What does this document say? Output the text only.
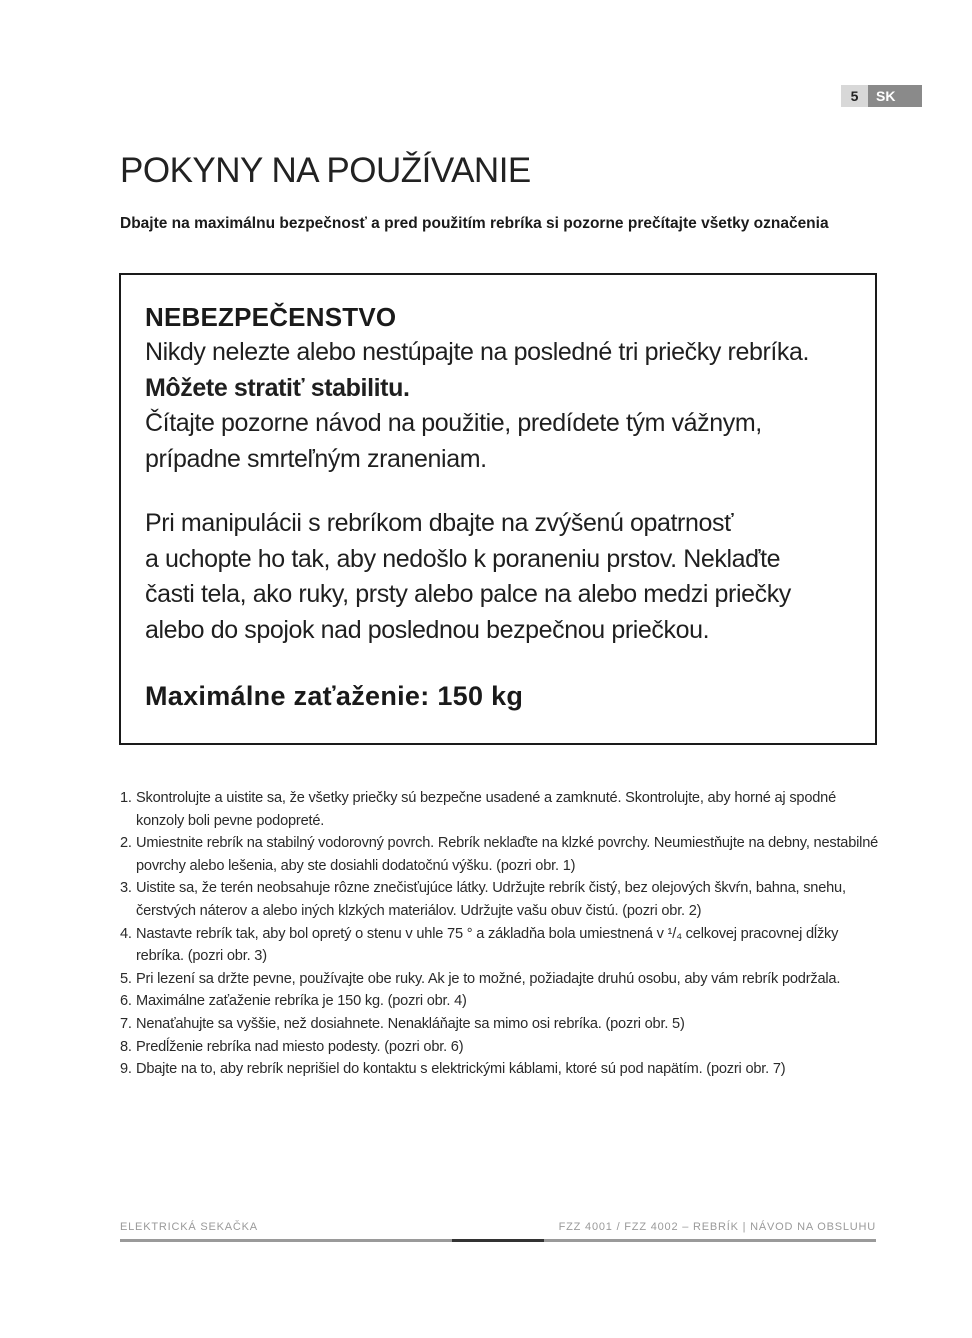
5	SK
POKYNY NA POUŽÍVANIE

Dbajte na maximálnu bezpečnosť a pred použitím rebríka si pozorne prečítajte všetky označenia

NEBEZPEČENSTVO
Nikdy nelezte alebo nestúpajte na posledné tri priečky rebríka.
Môžete stratiť stabilitu.
Čítajte pozorne návod na použitie, predídete tým vážnym,
prípadne smrteľným zraneniam.
Pri manipulácii s rebríkom dbajte na zvýšenú opatrnosť
a uchopte ho tak, aby nedošlo k poraneniu prstov. Neklaďte
časti tela, ako ruky, prsty alebo palce na alebo medzi priečky
alebo do spojok nad poslednou bezpečnou priečkou.
Maximálne zaťaženie: 150 kg
1. Skontrolujte a uistite sa, že všetky priečky sú bezpečne usadené a zamknuté. Skontrolujte, aby horné aj spodné konzoly boli pevne podopreté.
2. Umiestnite rebrík na stabilný vodorovný povrch. Rebrík neklaďte na klzké povrchy. Neumiestňujte na debny, nestabilné povrchy alebo lešenia, aby ste dosiahli dodatočnú výšku. (pozri obr. 1)
3. Uistite sa, že terén neobsahuje rôzne znečisťujúce látky. Udržujte rebrík čistý, bez olejových škvŕn, bahna, snehu, čerstvých náterov a alebo iných klzkých materiálov. Udržujte vašu obuv čistú. (pozri obr. 2)
4. Nastavte rebrík tak, aby bol opretý o stenu v uhle 75 ° a základňa bola umiestnená v ¹/₄ celkovej pracovnej dĺžky rebríka. (pozri obr. 3)
5. Pri lezení sa držte pevne, používajte obe ruky. Ak je to možné, požiadajte druhú osobu, aby vám rebrík podržala.
6. Maximálne zaťaženie rebríka je 150 kg. (pozri obr. 4)
7. Nenaťahujte sa vyššie, než dosiahnete. Nenakláňajte sa mimo osi rebríka. (pozri obr. 5)
8. Predĺženie rebríka nad miesto podesty. (pozri obr. 6)
9. Dbajte na to, aby rebrík neprišiel do kontaktu s elektrickými káblami, ktoré sú pod napätím. (pozri obr. 7)
ELEKTRICKÁ SEKAČKA	FZZ 4001 / FZZ 4002 – REBRÍK | NÁVOD NA OBSLUHU
